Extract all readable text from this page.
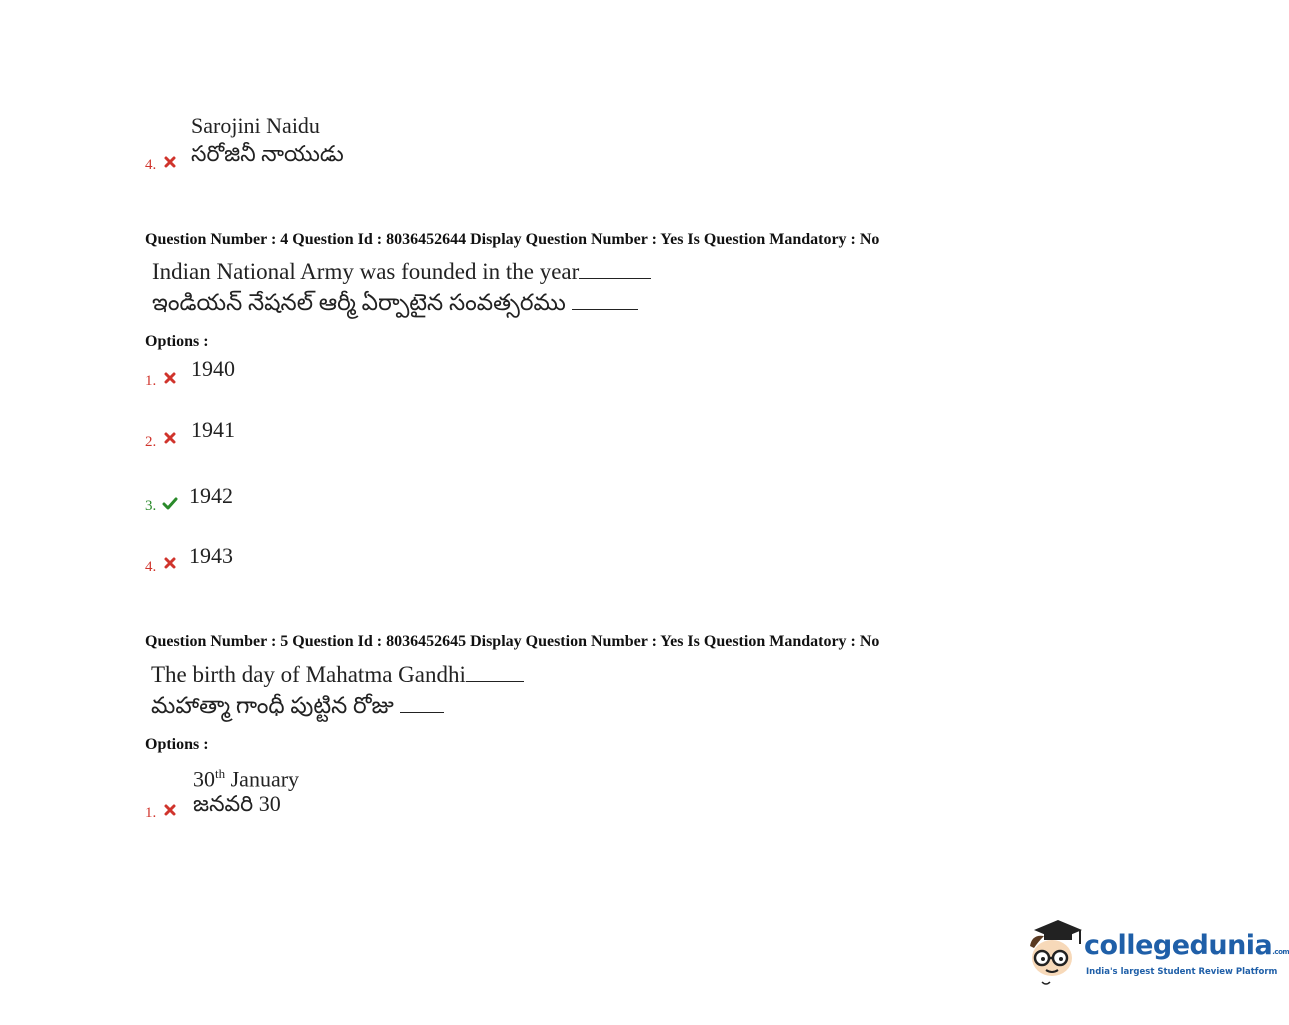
Sarojini Naidu
సరోజినీ నాయుడు
4.
Question Number : 4 Question Id : 8036452644 Display Question Number : Yes Is Question Mandatory : No
Indian National Army was founded in the year
ఇండియన్ నేషనల్ ఆర్మీ ఏర్పాటైన సంవత్సరము
Options :
1. 1940
2. 1941
3. 1942
4. 1943
Question Number : 5 Question Id : 8036452645 Display Question Number : Yes Is Question Mandatory : No
The birth day of Mahatma Gandhi
మహాత్మా గాంధీ పుట్టిన రోజు
Options :
30th January
జనవరి 30
1.
collegedunia.com
India's largest Student Review Platform
